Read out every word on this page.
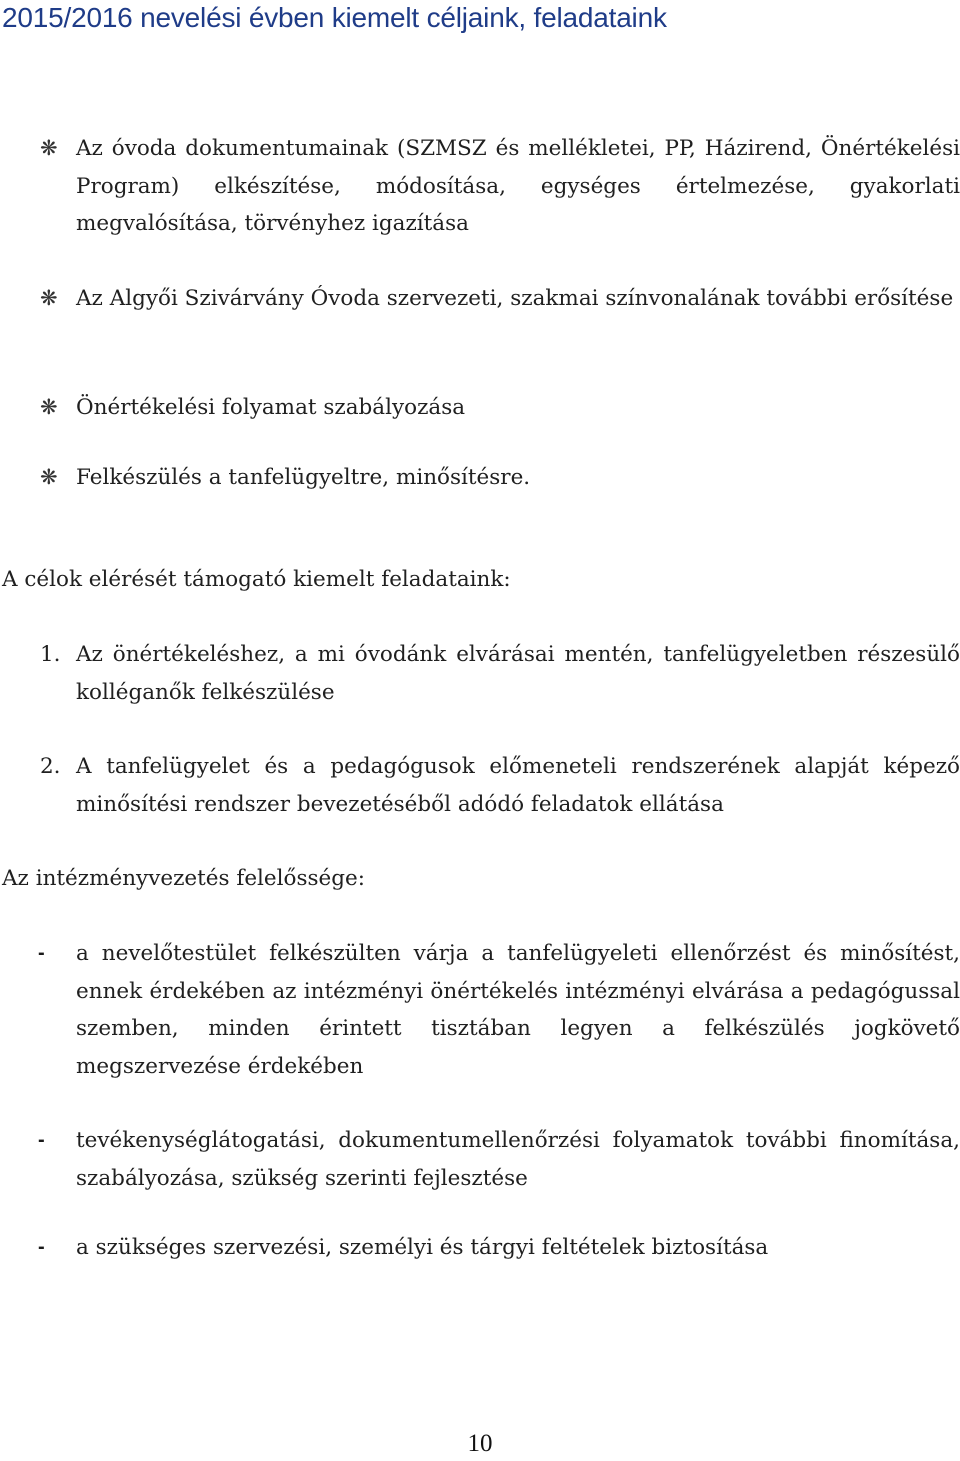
2015/2016 nevelési évben kiemelt céljaink, feladataink
❋ Az óvoda dokumentumainak (SZMSZ és mellékletei, PP, Házirend, Önértékelési Program) elkészítése, módosítása, egységes értelmezése, gyakorlati megvalósítása, törvényhez igazítása
❋ Az Algyői Szivárvány Óvoda szervezeti, szakmai színvonalának további erősítése
❋ Önértékelési folyamat szabályozása
❋ Felkészülés a tanfelügyeltre, minősítésre.
A célok elérését támogató kiemelt feladataink:
1. Az önértékeléshez, a mi óvodánk elvárásai mentén, tanfelügyeletben részesülő kolléganők felkészülése
2. A tanfelügyelet és a pedagógusok előmeneteli rendszerének alapját képező minősítési rendszer bevezetéséből adódó feladatok ellátása
Az intézményvezetés felelőssége:
- a nevelőtestület felkészülten várja a tanfelügyeleti ellenőrzést és minősítést, ennek érdekében az intézményi önértékelés intézményi elvárása a pedagógussal szemben, minden érintett tisztában legyen a felkészülés jogkövető megszervezése érdekében
- tevékenységlátogatási, dokumentumellenőrzési folyamatok további finomítása, szabályozása, szükség szerinti fejlesztése
- a szükséges szervezési, személyi és tárgyi feltételek biztosítása
10
